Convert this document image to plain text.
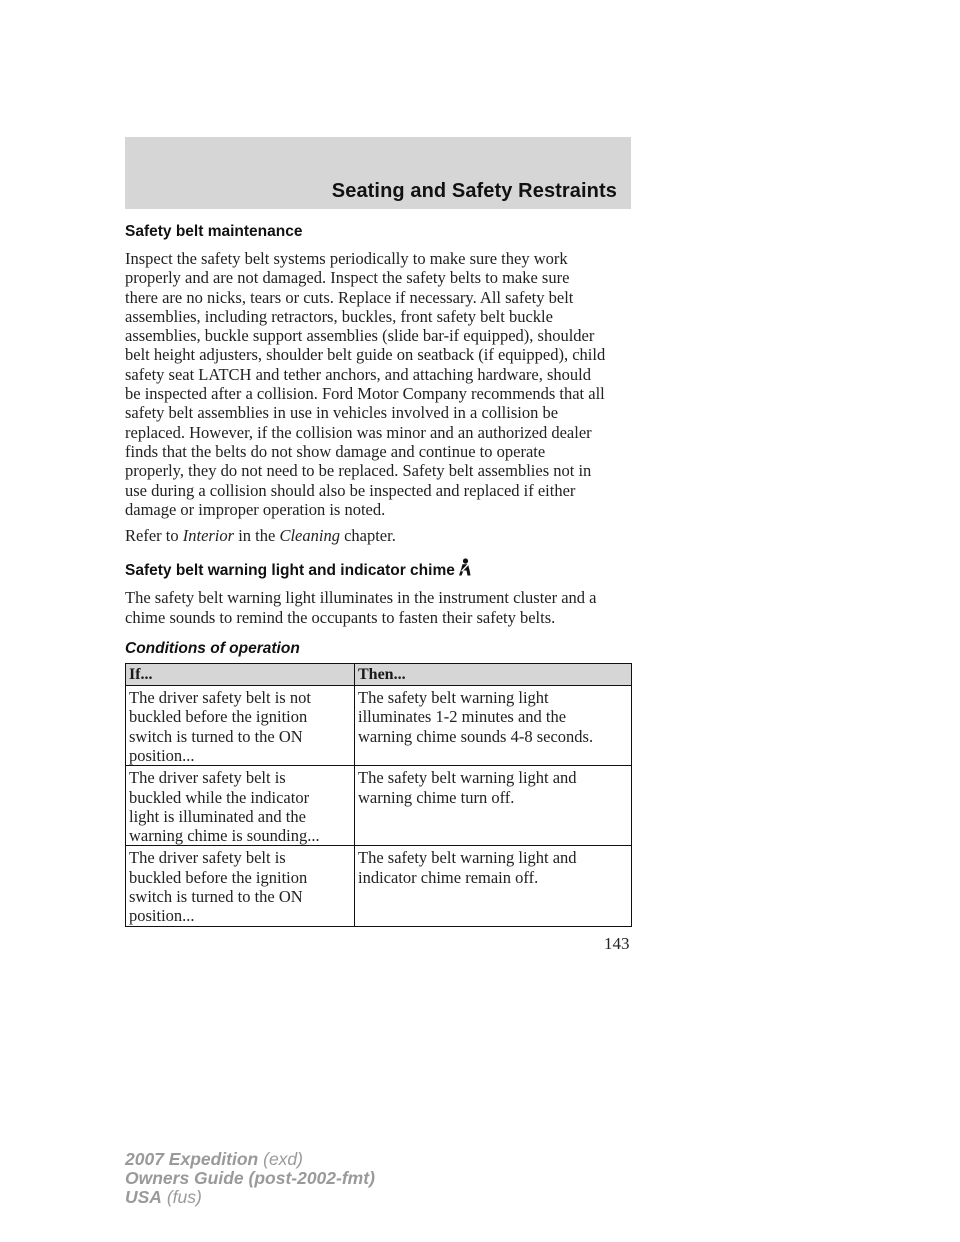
Seating and Safety Restraints
Safety belt maintenance

Inspect the safety belt systems periodically to make sure they work
properly and are not damaged. Inspect the safety belts to make sure
there are no nicks, tears or cuts. Replace if necessary. All safety belt
assemblies, including retractors, buckles, front safety belt buckle
assemblies, buckle support assemblies (slide bar-if equipped), shoulder
belt height adjusters, shoulder belt guide on seatback (if equipped), child
safety seat LATCH and tether anchors, and attaching hardware, should
be inspected after a collision. Ford Motor Company recommends that all
safety belt assemblies in use in vehicles involved in a collision be
replaced. However, if the collision was minor and an authorized dealer
finds that the belts do not show damage and continue to operate
properly, they do not need to be replaced. Safety belt assemblies not in
use during a collision should also be inspected and replaced if either
damage or improper operation is noted.

Refer to Interior in the Cleaning chapter.

Safety belt warning light and indicator chime

The safety belt warning light illuminates in the instrument cluster and a
chime sounds to remind the occupants to fasten their safety belts.

Conditions of operation
If...	Then...
The driver safety belt is not
buckled before the ignition
switch is turned to the ON
position...	The safety belt warning light
illuminates 1-2 minutes and the
warning chime sounds 4-8 seconds.
The driver safety belt is
buckled while the indicator
light is illuminated and the
warning chime is sounding...	The safety belt warning light and
warning chime turn off.
The driver safety belt is
buckled before the ignition
switch is turned to the ON
position...	The safety belt warning light and
indicator chime remain off.
143
2007 Expedition (exd)
Owners Guide (post-2002-fmt)
USA (fus)
